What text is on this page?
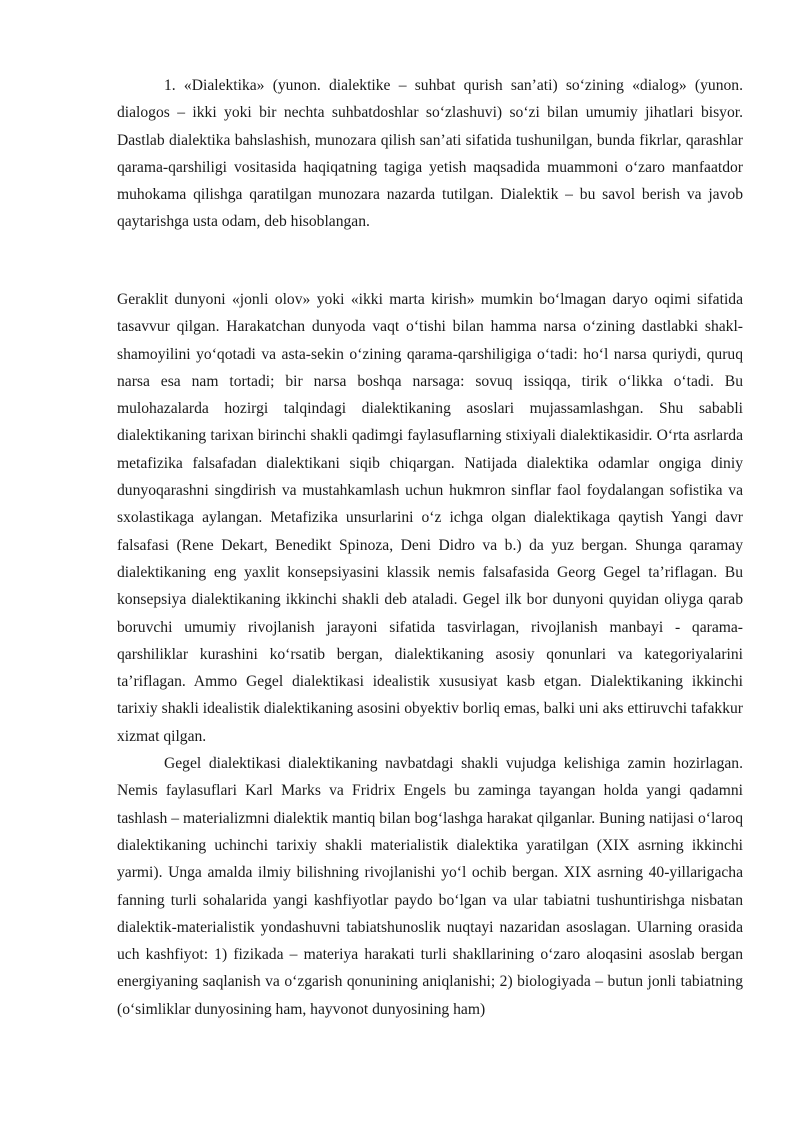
1. «Dialektika» (yunon. dialektike – suhbat qurish san’ati) so‘zining «dialog» (yunon. dialogos – ikki yoki bir nechta suhbatdoshlar so‘zlashuvi) so‘zi bilan umumiy jihatlari bisyor. Dastlab dialektika bahslashish, munozara qilish san’ati sifatida tushunilgan, bunda fikrlar, qarashlar qarama-qarshiligi vositasida haqiqatning tagiga yetish maqsadida muammoni o‘zaro manfaatdor muhokama qilishga qaratilgan munozara nazarda tutilgan. Dialektik – bu savol berish va javob qaytarishga usta odam, deb hisoblangan.

Geraklit dunyoni «jonli olov» yoki «ikki marta kirish» mumkin bo‘lmagan daryo oqimi sifatida tasavvur qilgan. Harakatchan dunyoda vaqt o‘tishi bilan hamma narsa o‘zining dastlabki shakl-shamoyilini yo‘qotadi va asta-sekin o‘zining qarama-qarshiligiga o‘tadi: ho‘l narsa quriydi, quruq narsa esa nam tortadi; bir narsa boshqa narsaga: sovuq issiqqa, tirik o‘likka o‘tadi. Bu mulohazalarda hozirgi talqindagi dialektikaning asoslari mujassamlashgan. Shu sababli dialektikaning tarixan birinchi shakli qadimgi faylasuflarning stixiyali dialektikasidir. O‘rta asrlarda metafizika falsafadan dialektikani siqib chiqargan. Natijada dialektika odamlar ongiga diniy dunyoqarashni singdirish va mustahkamlash uchun hukmron sinflar faol foydalangan sofistika va sxolastikaga aylangan. Metafizika unsurlarini o‘z ichga olgan dialektikaga qaytish Yangi davr falsafasi (Rene Dekart, Benedikt Spinoza, Deni Didro va b.) da yuz bergan. Shunga qaramay dialektikaning eng yaxlit konsepsiyasini klassik nemis falsafasida Georg Gegel ta’riflagan. Bu konsepsiya dialektikaning ikkinchi shakli deb ataladi. Gegel ilk bor dunyoni quyidan oliyga qarab boruvchi umumiy rivojlanish jarayoni sifatida tasvirlagan, rivojlanish manbayi - qarama-qarshiliklar kurashini ko‘rsatib bergan, dialektikaning asosiy qonunlari va kategoriyalarini ta’riflagan. Ammo Gegel dialektikasi idealistik xususiyat kasb etgan. Dialektikaning ikkinchi tarixiy shakli idealistik dialektikaning asosini obyektiv borliq emas, balki uni aks ettiruvchi tafakkur xizmat qilgan.

Gegel dialektikasi dialektikaning navbatdagi shakli vujudga kelishiga zamin hozirlagan. Nemis faylasuflari Karl Marks va Fridrix Engels bu zaminga tayangan holda yangi qadamni tashlash – materializmni dialektik mantiq bilan bog‘lashga harakat qilganlar. Buning natijasi o‘laroq dialektikaning uchinchi tarixiy shakli materialistik dialektika yaratilgan (XIX asrning ikkinchi yarmi). Unga amalda ilmiy bilishning rivojlanishi yo‘l ochib bergan. XIX asrning 40-yillarigacha fanning turli sohalarida yangi kashfiyotlar paydo bo‘lgan va ular tabiatni tushuntirishga nisbatan dialektik-materialistik yondashuvni tabiatshunoslik nuqtayi nazaridan asoslagan. Ularning orasida uch kashfiyot: 1) fizikada – materiya harakati turli shakllarining o‘zaro aloqasini asoslab bergan energiyaning saqlanish va o‘zgarish qonunining aniqlanishi; 2) biologiyada – butun jonli tabiatning (o‘simliklar dunyosining ham, hayvonot dunyosining ham)
